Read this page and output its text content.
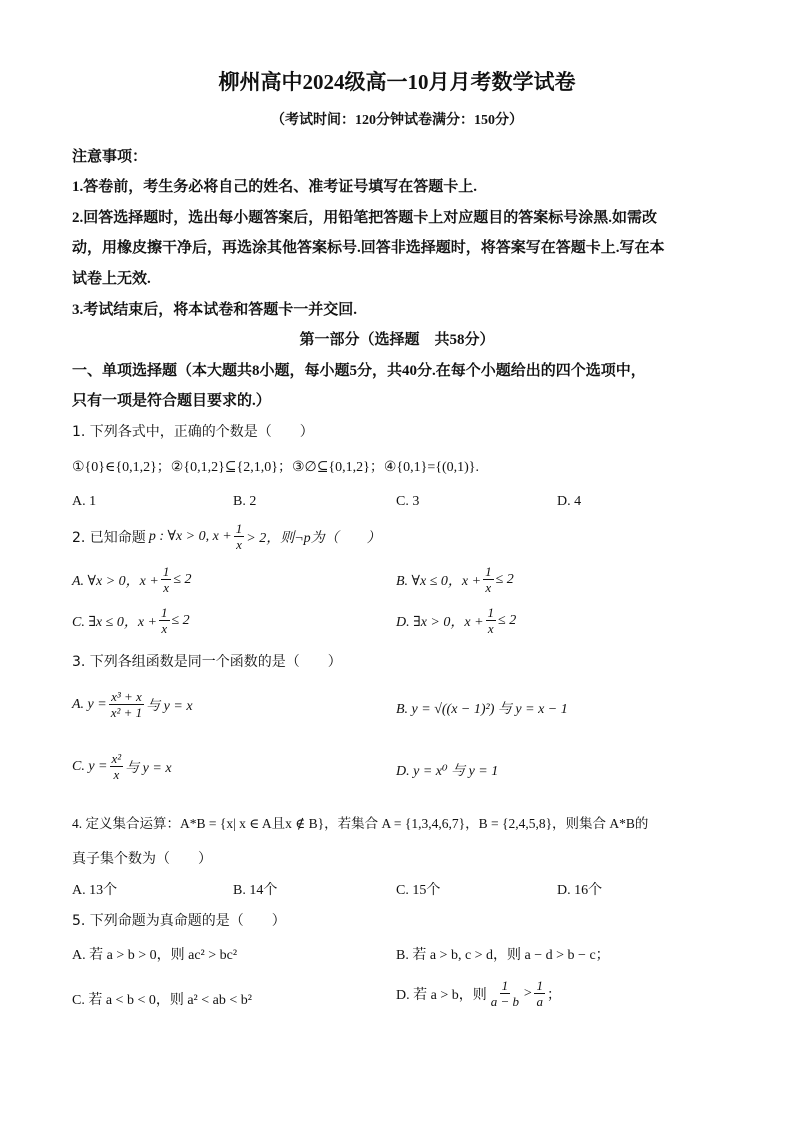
柳州高中2024级高一10月月考数学试卷
（考试时间：120分钟试卷满分：150分）
注意事项：
1.答卷前，考生务必将自己的姓名、准考证号填写在答题卡上.
2.回答选择题时，选出每小题答案后，用铅笔把答题卡上对应题目的答案标号涂黑.如需改
动，用橡皮擦干净后，再选涂其他答案标号.回答非选择题时，将答案写在答题卡上.写在本
试卷上无效.
3.考试结束后，将本试卷和答题卡一并交回.
第一部分（选择题　共58分）
一、单项选择题（本大题共8小题，每小题5分，共40分.在每个小题给出的四个选项中，
只有一项是符合题目要求的.）
1. 下列各式中，正确的个数是（　　）
①{0}∈{0,1,2}；②{0,1,2}⊆{2,1,0}；③∅⊆{0,1,2}；④{0,1}={(0,1)}.
A. 1	B. 2	C. 3	D. 4
2. 已知命题 p : ∀x > 0, $x + \frac{1}{x} > 2$，则¬p为（　　）
A. ∀x > 0，$x + \frac{1}{x} \le 2$	B. ∀x ≤ 0，$x + \frac{1}{x} \le 2$
C. ∃x ≤ 0，$x + \frac{1}{x} \le 2$	D. ∃x > 0，$x + \frac{1}{x} \le 2$
3. 下列各组函数是同一个函数的是（　　）
A. $y = \frac{\text{x³ + x}}{\text{x² + 1}}$ 与 y = x	B. y = √((x − 1)²) 与 y = x − 1
C. $y = \frac{\text{x²}}{x}$ 与 y = x	D. y = x⁰ 与 y = 1
4. 定义集合运算：A*B = {x| x ∈ A且x ∉ B}，若集合 A = {1,3,4,6,7}，B = {2,4,5,8}，则集合 A*B的
真子集个数为（　　）
A. 13个	B. 14个	C. 15个	D. 16个
5. 下列命题为真命题的是（　　）
A. 若 a > b > 0，则 ac² > bc²	B. 若 a > b, c > d，则 a − d > b − c；
C. 若 a < b < 0，则 a² < ab < b²	D. 若 a > b，则 $\frac{1}{a - b} > \frac{1}{a}$ ；
